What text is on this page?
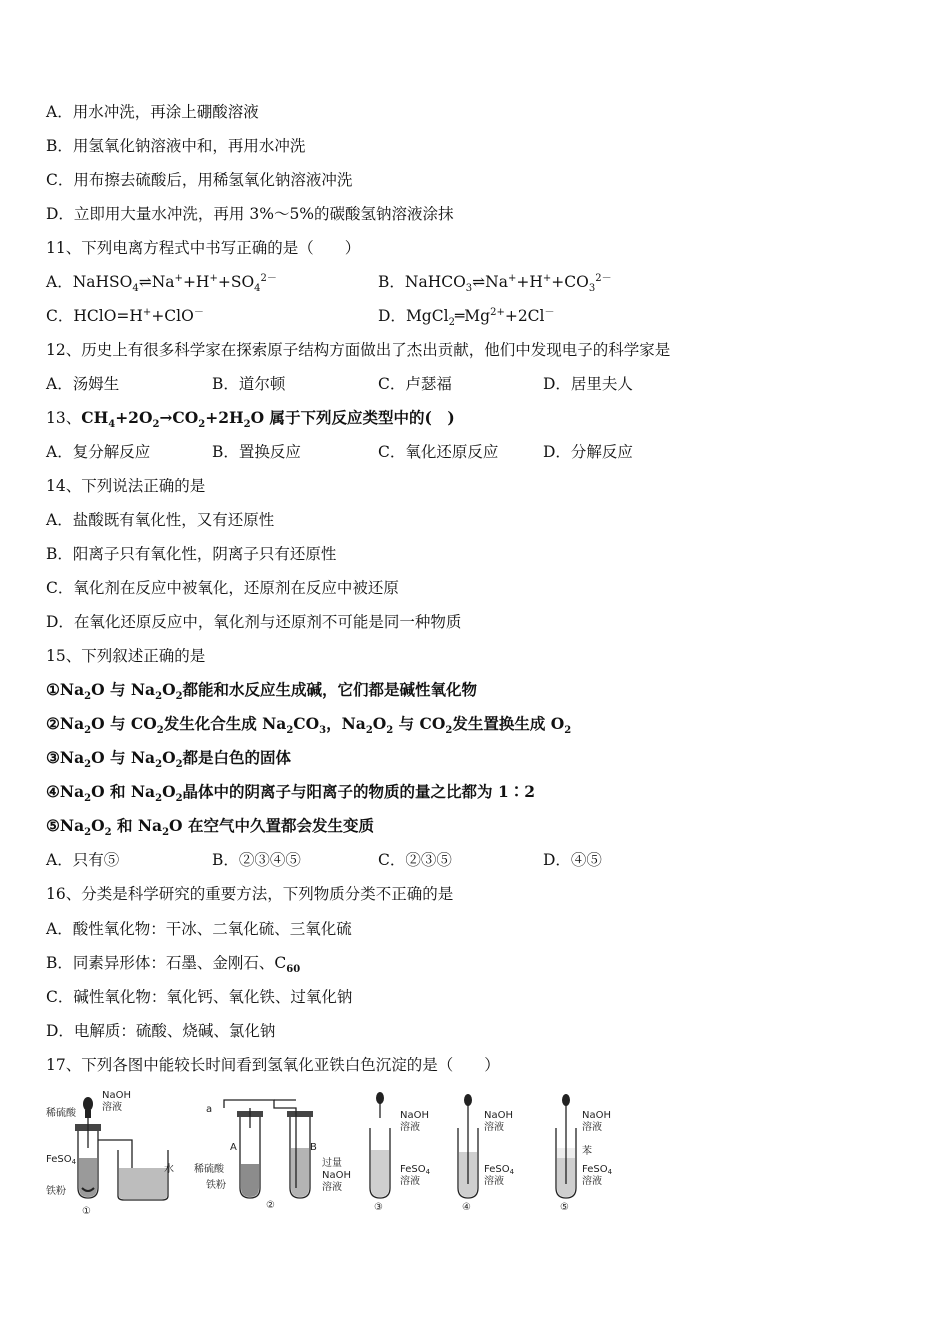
A．用水冲洗，再涂上硼酸溶液
B．用氢氧化钠溶液中和，再用水冲洗
C．用布擦去硫酸后，用稀氢氧化钠溶液冲洗
D．立即用大量水冲洗，再用 3%～5%的碳酸氢钠溶液涂抹
11、下列电离方程式中书写正确的是（　　）
A．$NaHSO_4\rightleftharpoons Na^++H^++SO_4^{2-}$	B．$NaHCO_3\rightleftharpoons Na^++H^++CO_3^{2-}$
C．HClO=H++ClO－	D．$MgCl_2═Mg^{2+}+2Cl^-$
12、历史上有很多科学家在探索原子结构方面做出了杰出贡献，他们中发现电子的科学家是
A．汤姆生	B．道尔顿	C．卢瑟福	D．居里夫人
13、$CH_4+2O_2\to CO_2+2H_2O$ 属于下列反应类型中的(　)
A．复分解反应	B．置换反应	C．氧化还原反应	D．分解反应
14、下列说法正确的是
A．盐酸既有氧化性，又有还原性
B．阳离子只有氧化性，阴离子只有还原性
C．氧化剂在反应中被氧化，还原剂在反应中被还原
D．在氧化还原反应中，氧化剂与还原剂不可能是同一种物质
15、下列叙述正确的是
$①Na_2O$ 与 $Na_2O_2$都能和水反应生成碱，它们都是碱性氧化物
$②Na_2O$ 与 $CO_2$发生化合生成 $Na_2CO_3$，$Na_2O_2$ 与 $CO_2$发生置换生成 $O_2$
$③Na_2O$ 与 $Na_2O_2$都是白色的固体
$④Na_2O$ 和 $Na_2O_2$晶体中的阴离子与阳离子的物质的量之比都为 1∶2
$⑤Na_2O_2$ 和 $Na_2O$ 在空气中久置都会发生变质
A．只有⑤	B．②③④⑤	C．②③⑤	D．④⑤
16、分类是科学研究的重要方法，下列物质分类不正确的是
A．酸性氧化物：干冰、二氧化硫、三氧化硫
B．同素异形体：石墨、金刚石、$C_{60}$
C．碱性氧化物：氧化钙、氧化铁、过氧化钠
D．电解质：硫酸、烧碱、氯化钠
17、下列各图中能较长时间看到氢氧化亚铁白色沉淀的是（　　）
NaOH
溶液
稀硫酸
FeSO$_4$
铁粉
水
①
a
A	B
稀硫酸
铁粉
过量
NaOH
溶液
②
NaOH
溶液
FeSO$_4$
溶液
③
NaOH
溶液
FeSO$_4$
溶液
④
NaOH
溶液
苯
FeSO$_4$
溶液
⑤
